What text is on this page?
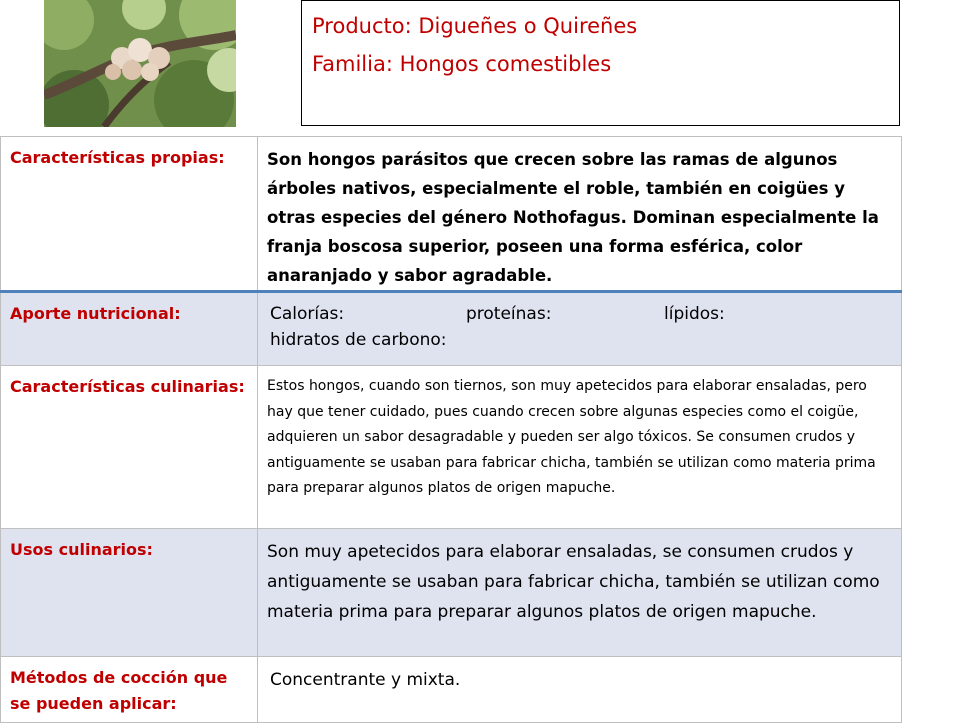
Producto: Digueñes o Quireñes
Familia: Hongos comestibles
Características propias:	Son hongos parásitos que crecen sobre las ramas de algunos árboles nativos, especialmente el roble, también en coigües y otras especies del género Nothofagus. Dominan especialmente la franja boscosa superior, poseen una forma esférica, color anaranjado y sabor agradable.
Aporte nutricional:	Calorías: proteínas: lípidos:
hidratos de carbono:

Características culinarias:	Estos hongos, cuando son tiernos, son muy apetecidos para elaborar ensaladas, pero hay que tener cuidado, pues cuando crecen sobre algunas especies como el coigüe, adquieren un sabor desagradable y pueden ser algo tóxicos. Se consumen crudos y antiguamente se usaban para fabricar chicha, también se utilizan como materia prima para preparar algunos platos de origen mapuche.
Usos culinarios:	Son muy apetecidos para elaborar ensaladas, se consumen crudos y antiguamente se usaban para fabricar chicha, también se utilizan como materia prima para preparar algunos platos de origen mapuche.
Métodos de cocción que se pueden aplicar:	Concentrante y mixta.
